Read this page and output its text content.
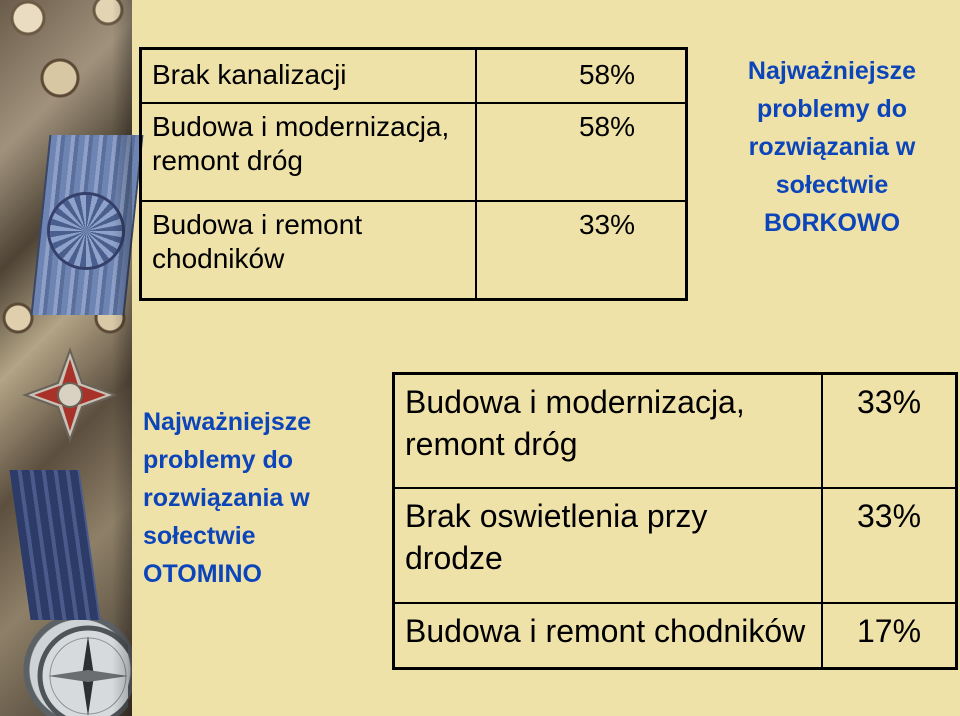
Brak kanalizacji	58%
Budowa i modernizacja, remont dróg	58%
Budowa i remont chodników	33%
Najważniejsze
problemy do
rozwiązania w
sołectwie
BORKOWO
Najważniejsze
problemy do
rozwiązania w
sołectwie
OTOMINO
Budowa i modernizacja, remont dróg	33%
Brak oswietlenia przy drodze	33%
Budowa i remont chodników	17%
